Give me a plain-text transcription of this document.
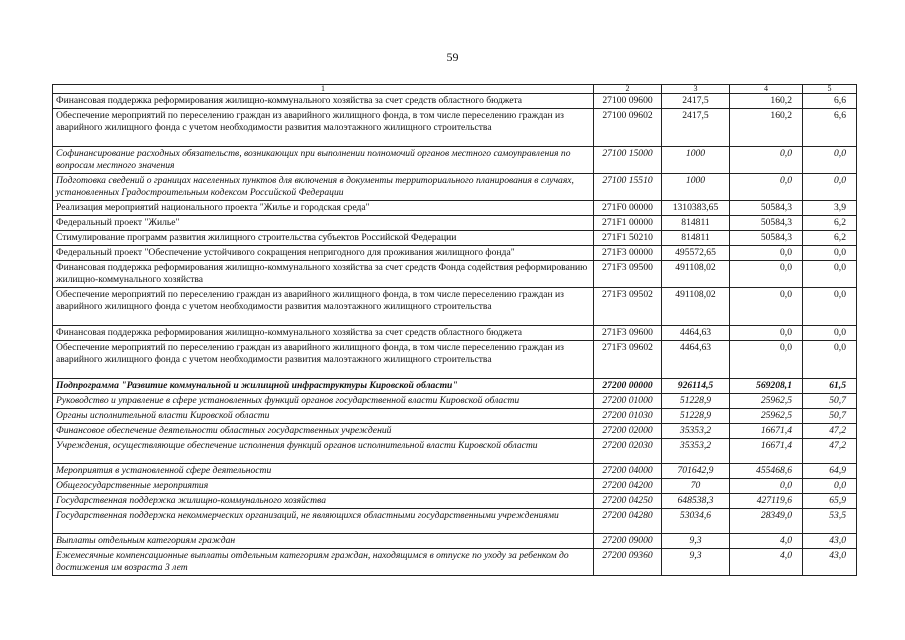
59
1	2	3	4	5
Финансовая поддержка реформирования жилищно-коммунального хозяйства за счет средств областного бюджета	27100 09600	2417,5	160,2	6,6
Обеспечение мероприятий по переселению граждан из аварийного жилищного фонда, в том числе переселению граждан из аварийного жилищного фонда с учетом необходимости развития малоэтажного жилищного строительства	27100 09602	2417,5	160,2	6,6
Софинансирование расходных обязательств, возникающих при выполнении полномочий органов местного самоуправления по вопросам местного значения	27100 15000	1000	0,0	0,0
Подготовка сведений о границах населенных пунктов для включения в документы территориального планирования в случаях, установленных Градостроительным кодексом Российской Федерации	27100 15510	1000	0,0	0,0
Реализация мероприятий национального проекта "Жилье и городская среда"	271F0 00000	1310383,65	50584,3	3,9
Федеральный проект "Жилье"	271F1 00000	814811	50584,3	6,2
Стимулирование программ развития жилищного строительства субъектов Российской Федерации	271F1 50210	814811	50584,3	6,2
Федеральный проект "Обеспечение устойчивого сокращения непригодного для проживания жилищного фонда"	271F3 00000	495572,65	0,0	0,0
Финансовая поддержка реформирования жилищно-коммунального хозяйства за счет средств Фонда содействия реформированию жилищно-коммунального хозяйства	271F3 09500	491108,02	0,0	0,0
Обеспечение мероприятий по переселению граждан из аварийного жилищного фонда, в том числе переселению граждан из аварийного жилищного фонда с учетом необходимости развития малоэтажного жилищного строительства	271F3 09502	491108,02	0,0	0,0
Финансовая поддержка реформирования жилищно-коммунального хозяйства за счет средств областного бюджета	271F3 09600	4464,63	0,0	0,0
Обеспечение мероприятий по переселению граждан из аварийного жилищного фонда, в том числе переселению граждан из аварийного жилищного фонда с учетом необходимости развития малоэтажного жилищного строительства	271F3 09602	4464,63	0,0	0,0
Подпрограмма "Развитие коммунальной и жилищной инфраструктуры Кировской области"	27200 00000	926114,5	569208,1	61,5
Руководство и управление в сфере установленных функций органов государственной власти Кировской области	27200 01000	51228,9	25962,5	50,7
Органы исполнительной власти Кировской области	27200 01030	51228,9	25962,5	50,7
Финансовое обеспечение деятельности областных государственных учреждений	27200 02000	35353,2	16671,4	47,2
Учреждения, осуществляющие обеспечение исполнения функций органов исполнительной власти Кировской области	27200 02030	35353,2	16671,4	47,2
Мероприятия в установленной сфере деятельности	27200 04000	701642,9	455468,6	64,9
Общегосударственные мероприятия	27200 04200	70	0,0	0,0
Государственная поддержка жилищно-коммунального хозяйства	27200 04250	648538,3	427119,6	65,9
Государственная поддержка некоммерческих организаций, не являющихся областными государственными учреждениями	27200 04280	53034,6	28349,0	53,5
Выплаты отдельным категориям граждан	27200 09000	9,3	4,0	43,0
Ежемесячные компенсационные выплаты отдельным категориям граждан, находящимся в отпуске по уходу за ребенком до достижения им возраста 3 лет	27200 09360	9,3	4,0	43,0
